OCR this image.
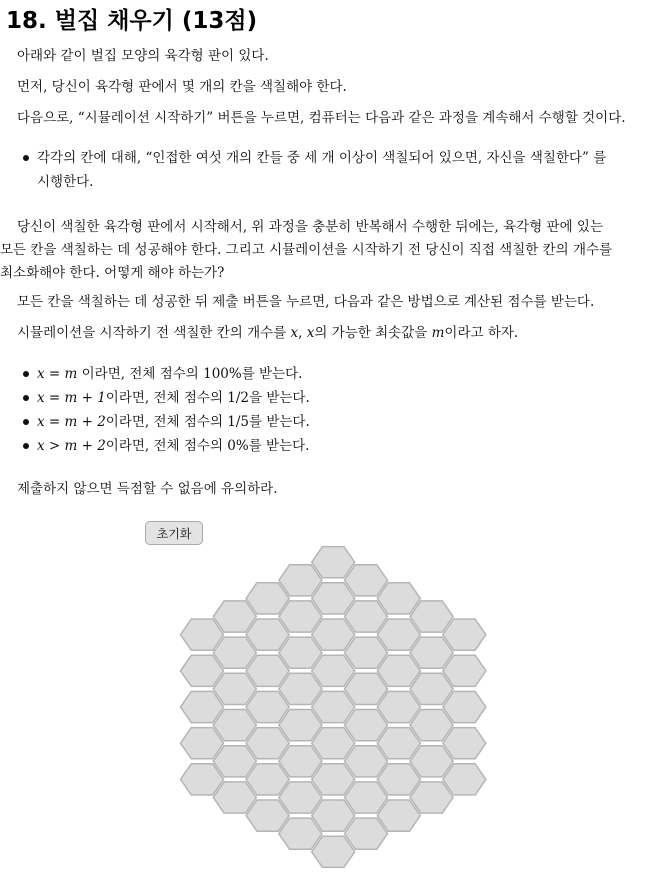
18. 벌집 채우기 (13점)

아래와 같이 벌집 모양의 육각형 판이 있다.

먼저, 당신이 육각형 판에서 몇 개의 칸을 색칠해야 한다.

다음으로, “시뮬레이션 시작하기” 버튼을 누르면, 컴퓨터는 다음과 같은 과정을 계속해서 수행할 것이다.

각각의 칸에 대해, “인접한 여섯 개의 칸들 중 세 개 이상이 색칠되어 있으면, 자신을 색칠한다” 를
시행한다.

당신이 색칠한 육각형 판에서 시작해서, 위 과정을 충분히 반복해서 수행한 뒤에는, 육각형 판에 있는

모든 칸을 색칠하는 데 성공해야 한다. 그리고 시뮬레이션을 시작하기 전 당신이 직접 색칠한 칸의 개수를

최소화해야 한다. 어떻게 해야 하는가?

모든 칸을 색칠하는 데 성공한 뒤 제출 버튼을 누르면, 다음과 같은 방법으로 계산된 점수를 받는다.

시뮬레이션을 시작하기 전 색칠한 칸의 개수를 x, x의 가능한 최솟값을 m이라고 하자.

x = m 이라면, 전체 점수의 100%를 받는다.
x = m + 1이라면, 전체 점수의 1/2을 받는다.
x = m + 2이라면, 전체 점수의 1/5를 받는다.
x > m + 2이라면, 전체 점수의 0%를 받는다.

제출하지 않으면 득점할 수 없음에 유의하라.

초기화
